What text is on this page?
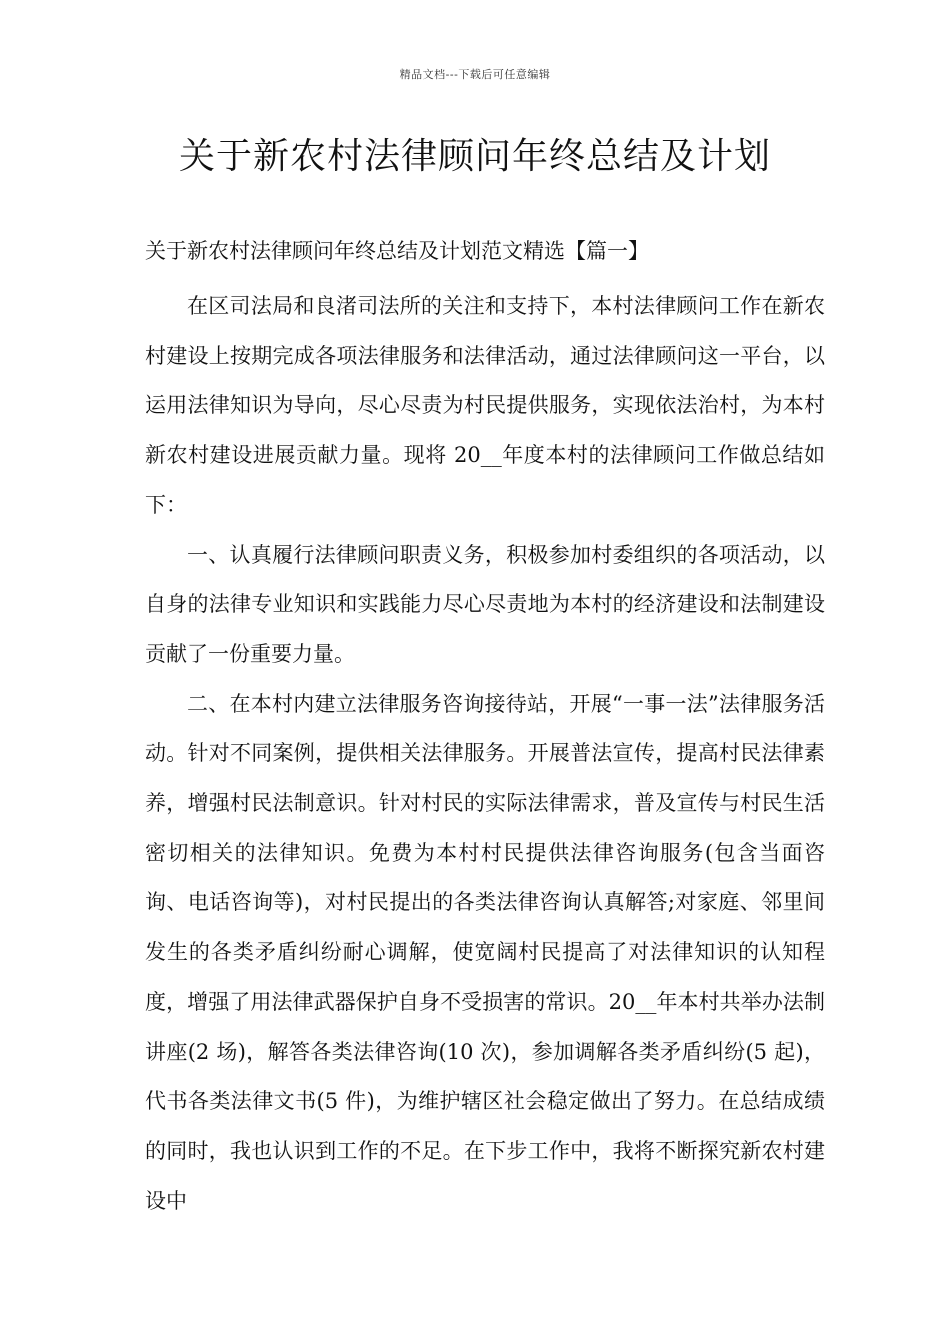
精品文档---下载后可任意编辑
关于新农村法律顾问年终总结及计划

关于新农村法律顾问年终总结及计划范文精选【篇一】

在区司法局和良渚司法所的关注和支持下，本村法律顾问工作在新农村建设上按期完成各项法律服务和法律活动，通过法律顾问这一平台，以运用法律知识为导向，尽心尽责为村民提供服务，实现依法治村，为本村新农村建设进展贡献力量。现将 20__年度本村的法律顾问工作做总结如下：

一、认真履行法律顾问职责义务，积极参加村委组织的各项活动，以自身的法律专业知识和实践能力尽心尽责地为本村的经济建设和法制建设贡献了一份重要力量。

二、在本村内建立法律服务咨询接待站，开展“一事一法”法律服务活动。针对不同案例，提供相关法律服务。开展普法宣传，提高村民法律素养，增强村民法制意识。针对村民的实际法律需求，普及宣传与村民生活密切相关的法律知识。免费为本村村民提供法律咨询服务(包含当面咨询、电话咨询等)，对村民提出的各类法律咨询认真解答;对家庭、邻里间发生的各类矛盾纠纷耐心调解，使宽阔村民提高了对法律知识的认知程度，增强了用法律武器保护自身不受损害的常识。20__年本村共举办法制讲座(2 场)，解答各类法律咨询(10 次)，参加调解各类矛盾纠纷(5 起)，代书各类法律文书(5 件)，为维护辖区社会稳定做出了努力。在总结成绩的同时，我也认识到工作的不足。在下步工作中，我将不断探究新农村建设中
